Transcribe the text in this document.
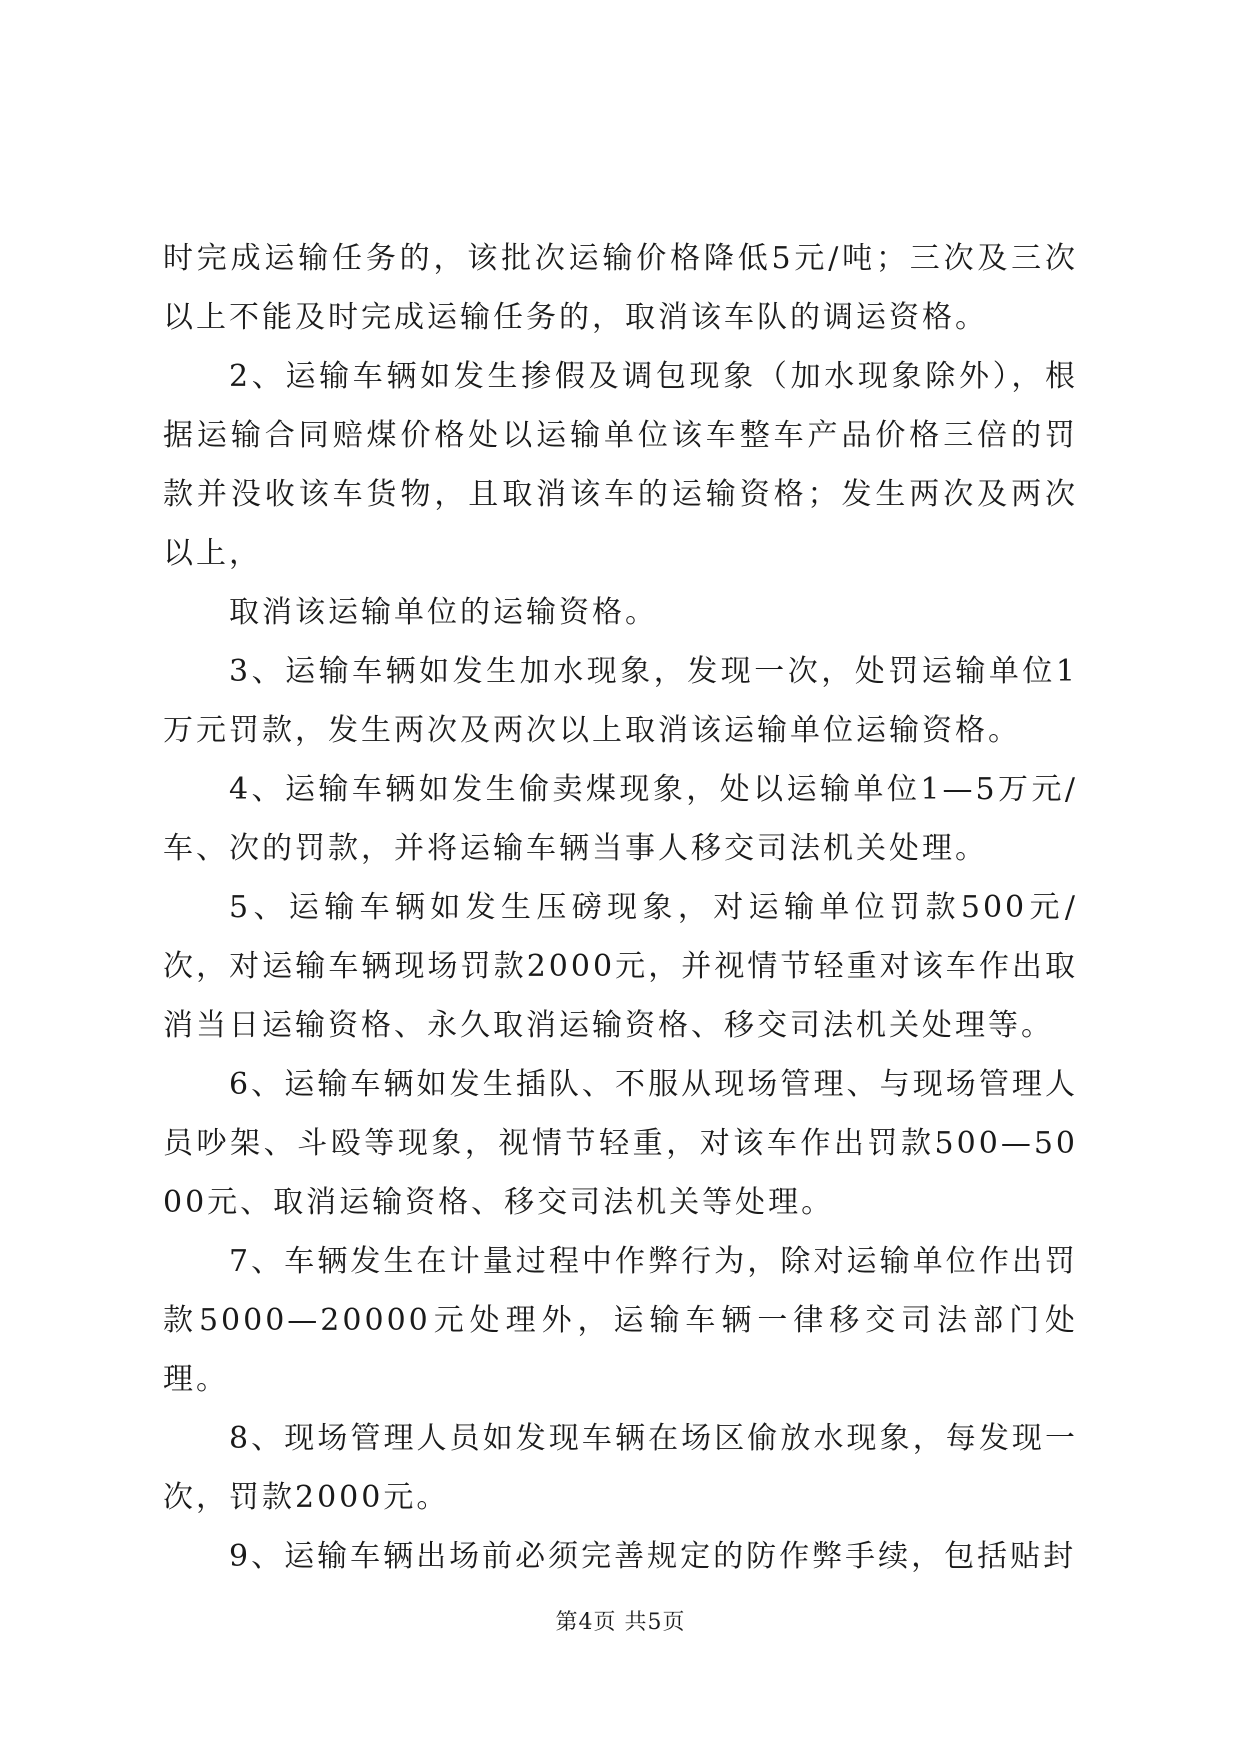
时完成运输任务的，该批次运输价格降低5元/吨；三次及三次以上不能及时完成运输任务的，取消该车队的调运资格。

2、运输车辆如发生掺假及调包现象（加水现象除外），根据运输合同赔煤价格处以运输单位该车整车产品价格三倍的罚款并没收该车货物，且取消该车的运输资格；发生两次及两次以上，

取消该运输单位的运输资格。

3、运输车辆如发生加水现象，发现一次，处罚运输单位1万元罚款，发生两次及两次以上取消该运输单位运输资格。

4、运输车辆如发生偷卖煤现象，处以运输单位1—5万元/车、次的罚款，并将运输车辆当事人移交司法机关处理。

5、运输车辆如发生压磅现象，对运输单位罚款500元/次，对运输车辆现场罚款2000元，并视情节轻重对该车作出取消当日运输资格、永久取消运输资格、移交司法机关处理等。

6、运输车辆如发生插队、不服从现场管理、与现场管理人员吵架、斗殴等现象，视情节轻重，对该车作出罚款500—5000元、取消运输资格、移交司法机关等处理。

7、车辆发生在计量过程中作弊行为，除对运输单位作出罚款5000—20000元处理外，运输车辆一律移交司法部门处理。

8、现场管理人员如发现车辆在场区偷放水现象，每发现一次，罚款2000元。

9、运输车辆出场前必须完善规定的防作弊手续，包括贴封

第4页 共5页
